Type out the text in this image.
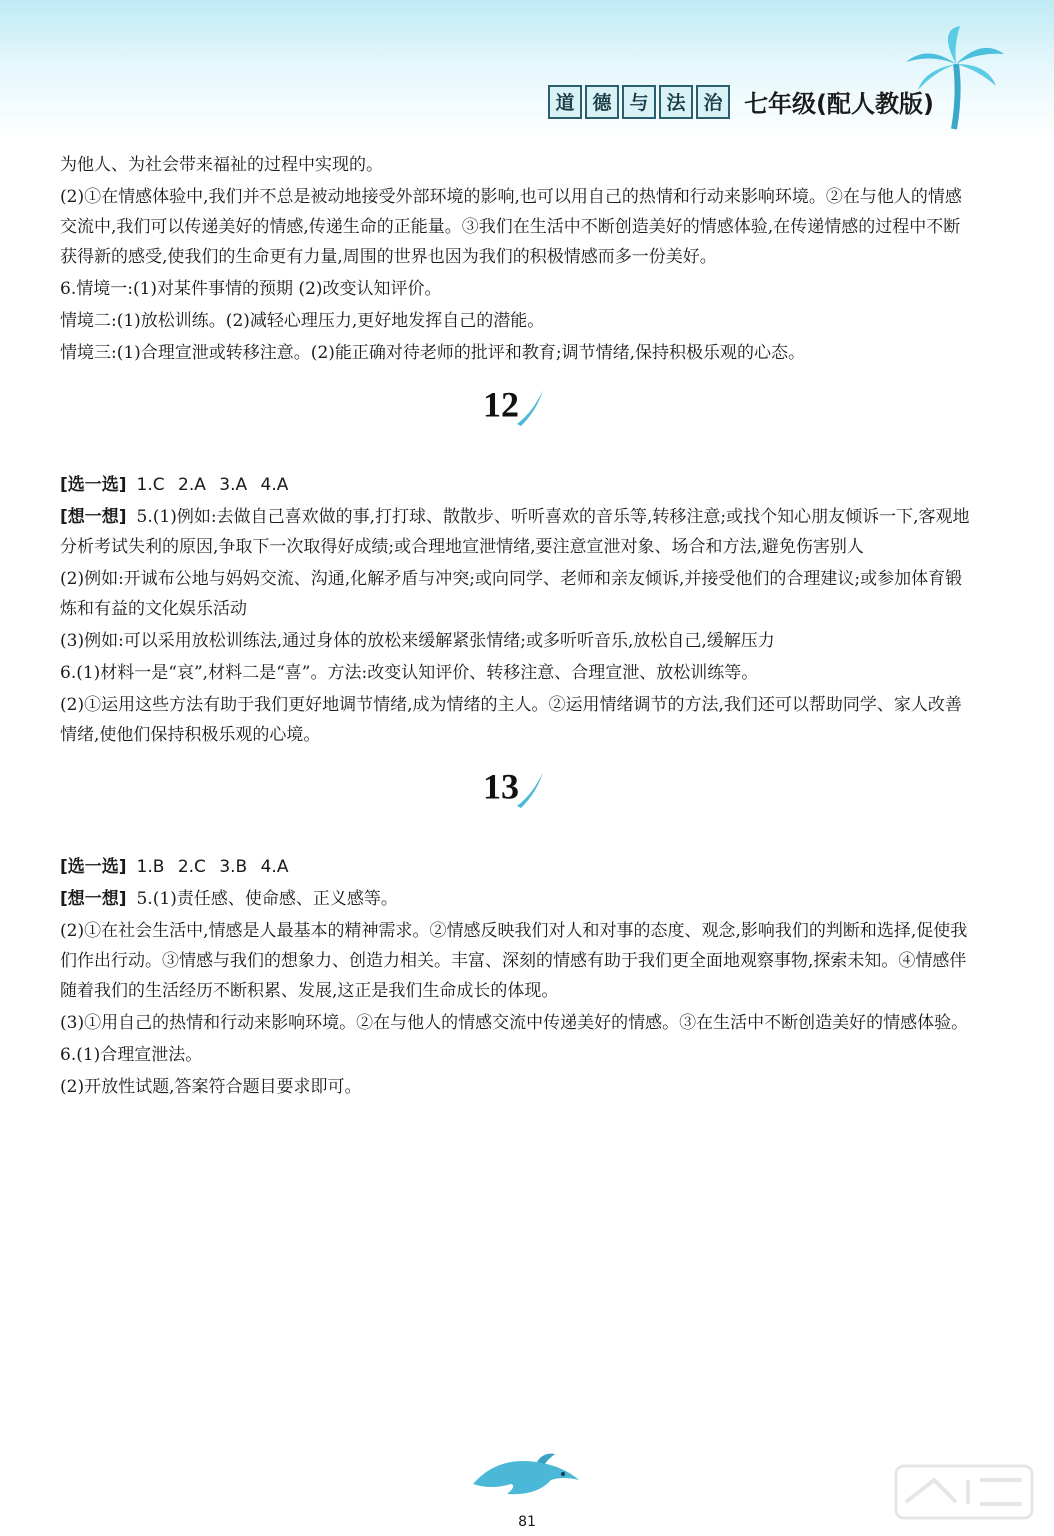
道 德 与 法 治 七年级(配人教版)

为他人、为社会带来福祉的过程中实现的。

(2)①在情感体验中,我们并不总是被动地接受外部环境的影响,也可以用自己的热情和行动来影响环境。②在与他人的情感交流中,我们可以传递美好的情感,传递生命的正能量。③我们在生活中不断创造美好的情感体验,在传递情感的过程中不断获得新的感受,使我们的生命更有力量,周围的世界也因为我们的积极情感而多一份美好。

6.情境一:(1)对某件事情的预期 (2)改变认知评价。

情境二:(1)放松训练。(2)减轻心理压力,更好地发挥自己的潜能。

情境三:(1)合理宣泄或转移注意。(2)能正确对待老师的批评和教育;调节情绪,保持积极乐观的心态。

12

[选一选] 1.C 2.A 3.A 4.A

[想一想] 5.(1)例如:去做自己喜欢做的事,打打球、散散步、听听喜欢的音乐等,转移注意;或找个知心朋友倾诉一下,客观地分析考试失利的原因,争取下一次取得好成绩;或合理地宣泄情绪,要注意宣泄对象、场合和方法,避免伤害别人

(2)例如:开诚布公地与妈妈交流、沟通,化解矛盾与冲突;或向同学、老师和亲友倾诉,并接受他们的合理建议;或参加体育锻炼和有益的文化娱乐活动

(3)例如:可以采用放松训练法,通过身体的放松来缓解紧张情绪;或多听听音乐,放松自己,缓解压力

6.(1)材料一是“哀”,材料二是“喜”。方法:改变认知评价、转移注意、合理宣泄、放松训练等。

(2)①运用这些方法有助于我们更好地调节情绪,成为情绪的主人。②运用情绪调节的方法,我们还可以帮助同学、家人改善情绪,使他们保持积极乐观的心境。

13

[选一选] 1.B 2.C 3.B 4.A

[想一想] 5.(1)责任感、使命感、正义感等。

(2)①在社会生活中,情感是人最基本的精神需求。②情感反映我们对人和对事的态度、观念,影响我们的判断和选择,促使我们作出行动。③情感与我们的想象力、创造力相关。丰富、深刻的情感有助于我们更全面地观察事物,探索未知。④情感伴随着我们的生活经历不断积累、发展,这正是我们生命成长的体现。

(3)①用自己的热情和行动来影响环境。②在与他人的情感交流中传递美好的情感。③在生活中不断创造美好的情感体验。

6.(1)合理宣泄法。

(2)开放性试题,答案符合题目要求即可。

81
